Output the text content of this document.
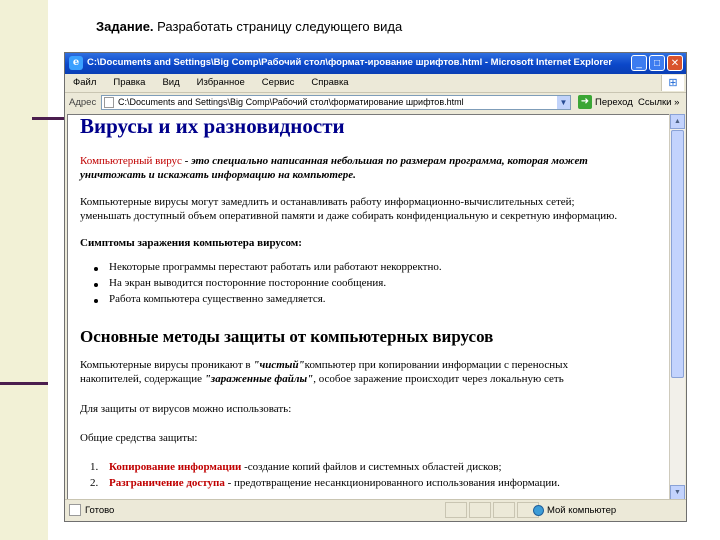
Задание. Разработать страницу следующего вида
e C:\Documents and Settings\Big Comp\Рабочий стол\формат-ирование шрифтов.html - Microsoft Internet Explorer	_	□	✕
Файл Правка Вид Избранное Сервис Справка	⊞
Адрес C:\Documents and Settings\Big Comp\Рабочий стол\форматирование шрифтов.html	▼ ➜ Переход Ссылки »
Вирусы и их разновидности
Компьютерный вирус - это специально написанная небольшая по размерам программа, которая может
уничтожать и искажать информацию на компьютере.
Компьютерные вирусы могут замедлить и останавливать работу информационно-вычислительных сетей;
уменьшать доступный объем оперативной памяти и даже собирать конфиденциальную и секретную информацию.
Симптомы заражения компьютера вирусом:
Некоторые программы перестают работать или работают некорректно.
На экран выводится посторонние посторонние сообщения.
Работа компьютера существенно замедляется.
Основные методы защиты от компьютерных вирусов
Компьютерные вирусы проникают в "чистый"компьютер при копировании информации с переносных
накопителей, содержащие "зараженные файлы", особое заражение происходит через локальную сеть
Для защиты от вирусов можно использовать:
Общие средства защиты:
1. Копирование информации -создание копий файлов и системных областей дисков;
2. Разграничение доступа - предотвращение несанкционированного использования информации.
▲
▼
Готово	Мой компьютер
